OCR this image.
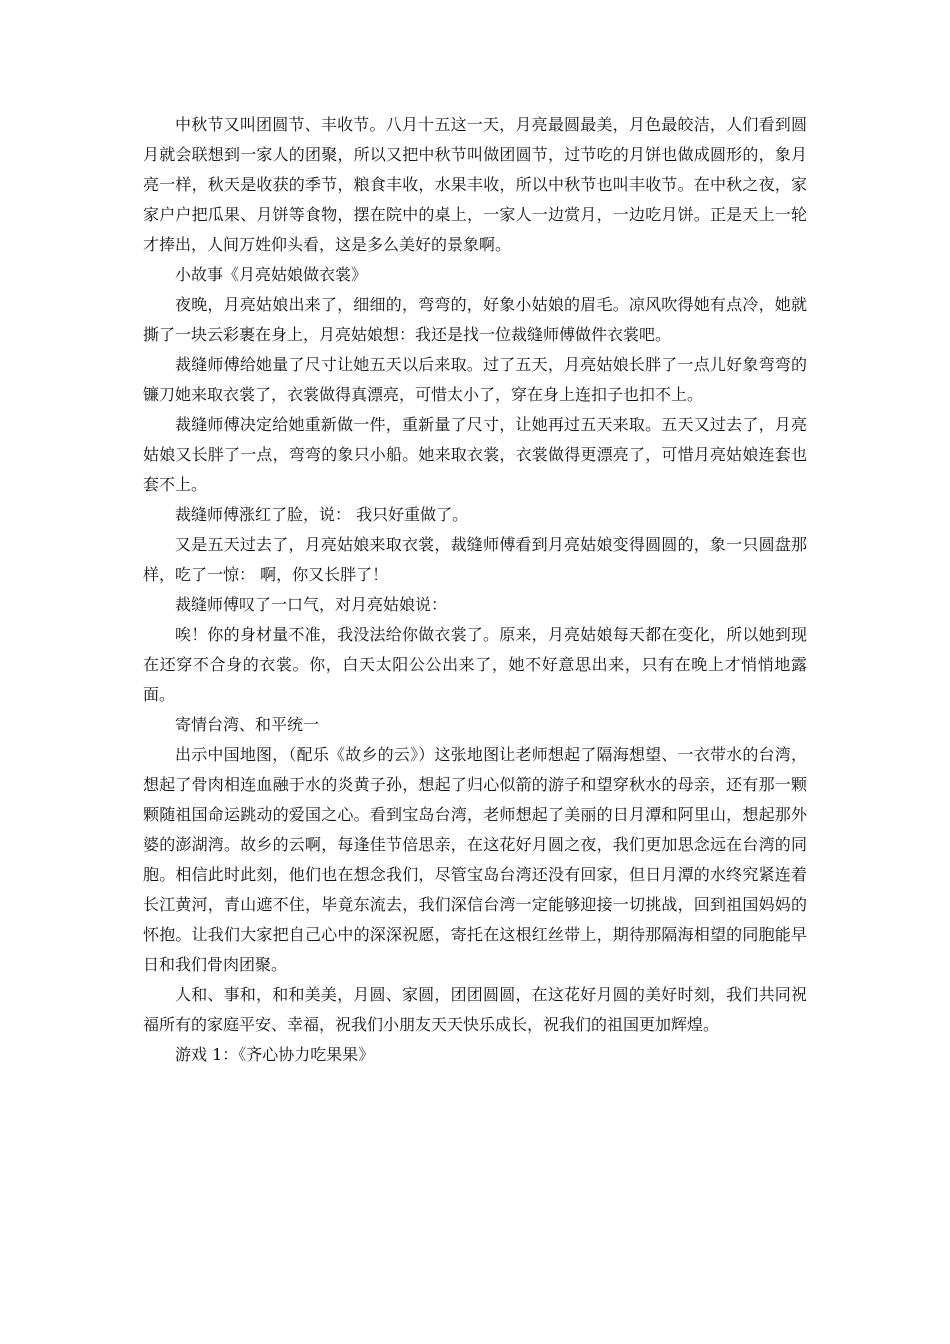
中秋节又叫团圆节、丰收节。八月十五这一天，月亮最圆最美，月色最皎洁，人们看到圆月就会联想到一家人的团聚，所以又把中秋节叫做团圆节，过节吃的月饼也做成圆形的，象月亮一样，秋天是收获的季节，粮食丰收，水果丰收，所以中秋节也叫丰收节。在中秋之夜，家家户户把瓜果、月饼等食物，摆在院中的桌上，一家人一边赏月，一边吃月饼。正是天上一轮才捧出，人间万姓仰头看，这是多么美好的景象啊。

小故事《月亮姑娘做衣裳》

夜晚，月亮姑娘出来了，细细的，弯弯的，好象小姑娘的眉毛。凉风吹得她有点冷，她就撕了一块云彩裹在身上，月亮姑娘想：我还是找一位裁缝师傅做件衣裳吧。

裁缝师傅给她量了尺寸让她五天以后来取。过了五天，月亮姑娘长胖了一点儿好象弯弯的镰刀她来取衣裳了，衣裳做得真漂亮，可惜太小了，穿在身上连扣子也扣不上。

裁缝师傅决定给她重新做一件，重新量了尺寸，让她再过五天来取。五天又过去了，月亮姑娘又长胖了一点，弯弯的象只小船。她来取衣裳，衣裳做得更漂亮了，可惜月亮姑娘连套也套不上。

裁缝师傅涨红了脸，说： 我只好重做了。

又是五天过去了，月亮姑娘来取衣裳，裁缝师傅看到月亮姑娘变得圆圆的，象一只圆盘那样，吃了一惊： 啊，你又长胖了！

裁缝师傅叹了一口气，对月亮姑娘说：

唉！你的身材量不准，我没法给你做衣裳了。原来，月亮姑娘每天都在变化，所以她到现在还穿不合身的衣裳。你，白天太阳公公出来了，她不好意思出来，只有在晚上才悄悄地露面。

寄情台湾、和平统一

出示中国地图，（配乐《故乡的云》）这张地图让老师想起了隔海想望、一衣带水的台湾，想起了骨肉相连血融于水的炎黄子孙，想起了归心似箭的游子和望穿秋水的母亲，还有那一颗颗随祖国命运跳动的爱国之心。看到宝岛台湾，老师想起了美丽的日月潭和阿里山，想起那外婆的澎湖湾。故乡的云啊，每逢佳节倍思亲，在这花好月圆之夜，我们更加思念远在台湾的同胞。相信此时此刻，他们也在想念我们，尽管宝岛台湾还没有回家，但日月潭的水终究紧连着长江黄河，青山遮不住，毕竟东流去，我们深信台湾一定能够迎接一切挑战，回到祖国妈妈的怀抱。让我们大家把自己心中的深深祝愿，寄托在这根红丝带上，期待那隔海相望的同胞能早日和我们骨肉团聚。

人和、事和，和和美美，月圆、家圆，团团圆圆，在这花好月圆的美好时刻，我们共同祝福所有的家庭平安、幸福，祝我们小朋友天天快乐成长，祝我们的祖国更加辉煌。

游戏 1：《齐心协力吃果果》
